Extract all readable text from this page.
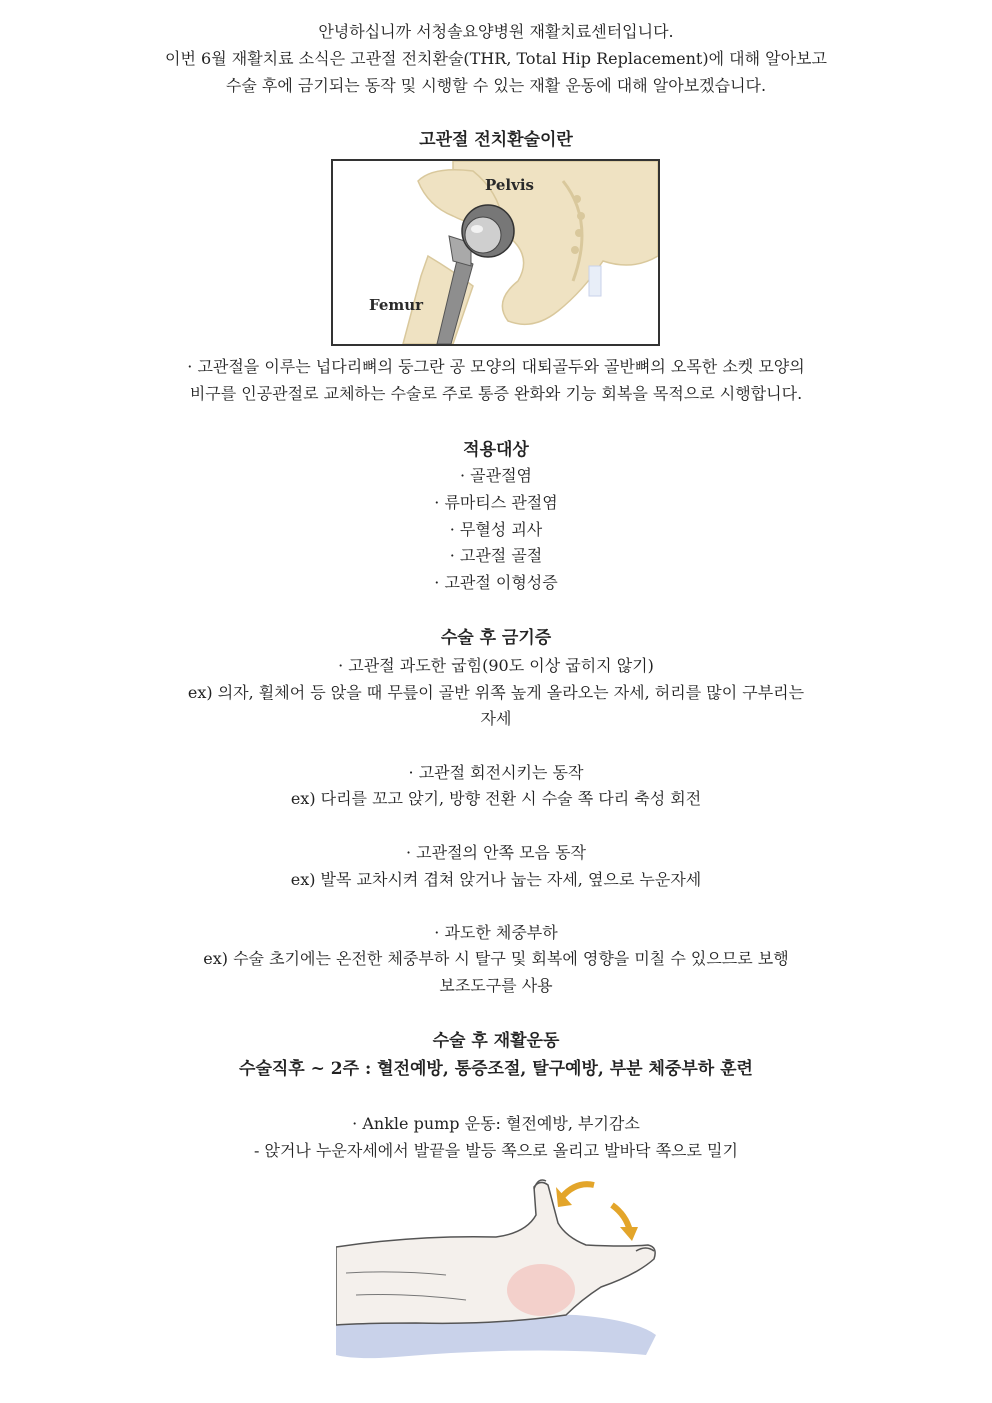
안녕하십니까 서청솔요양병원 재활치료센터입니다.
이번 6월 재활치료 소식은 고관절 전치환술(THR, Total Hip Replacement)에 대해 알아보고
수술 후에 금기되는 동작 및 시행할 수 있는 재활 운동에 대해 알아보겠습니다.
고관절 전치환술이란
Pelvis
Femur
· 고관절을 이루는 넙다리뼈의 둥그란 공 모양의 대퇴골두와 골반뼈의 오목한 소켓 모양의
비구를 인공관절로 교체하는 수술로 주로 통증 완화와 기능 회복을 목적으로 시행합니다.
적용대상
· 골관절염
· 류마티스 관절염
· 무혈성 괴사
· 고관절 골절
· 고관절 이형성증
수술 후 금기증
· 고관절 과도한 굽힘(90도 이상 굽히지 않기)
ex) 의자, 휠체어 등 앉을 때 무릎이 골반 위쪽 높게 올라오는 자세, 허리를 많이 구부리는
자세
· 고관절 회전시키는 동작
ex) 다리를 꼬고 앉기, 방향 전환 시 수술 쪽 다리 축성 회전
· 고관절의 안쪽 모음 동작
ex) 발목 교차시켜 겹쳐 앉거나 눕는 자세, 옆으로 누운자세
· 과도한 체중부하
ex) 수술 초기에는 온전한 체중부하 시 탈구 및 회복에 영향을 미칠 수 있으므로 보행
보조도구를 사용
수술 후 재활운동
수술직후 ~ 2주 : 혈전예방, 통증조절, 탈구예방, 부분 체중부하 훈련
· Ankle pump 운동: 혈전예방, 부기감소
- 앉거나 누운자세에서 발끝을 발등 쪽으로 올리고 발바닥 쪽으로 밀기
